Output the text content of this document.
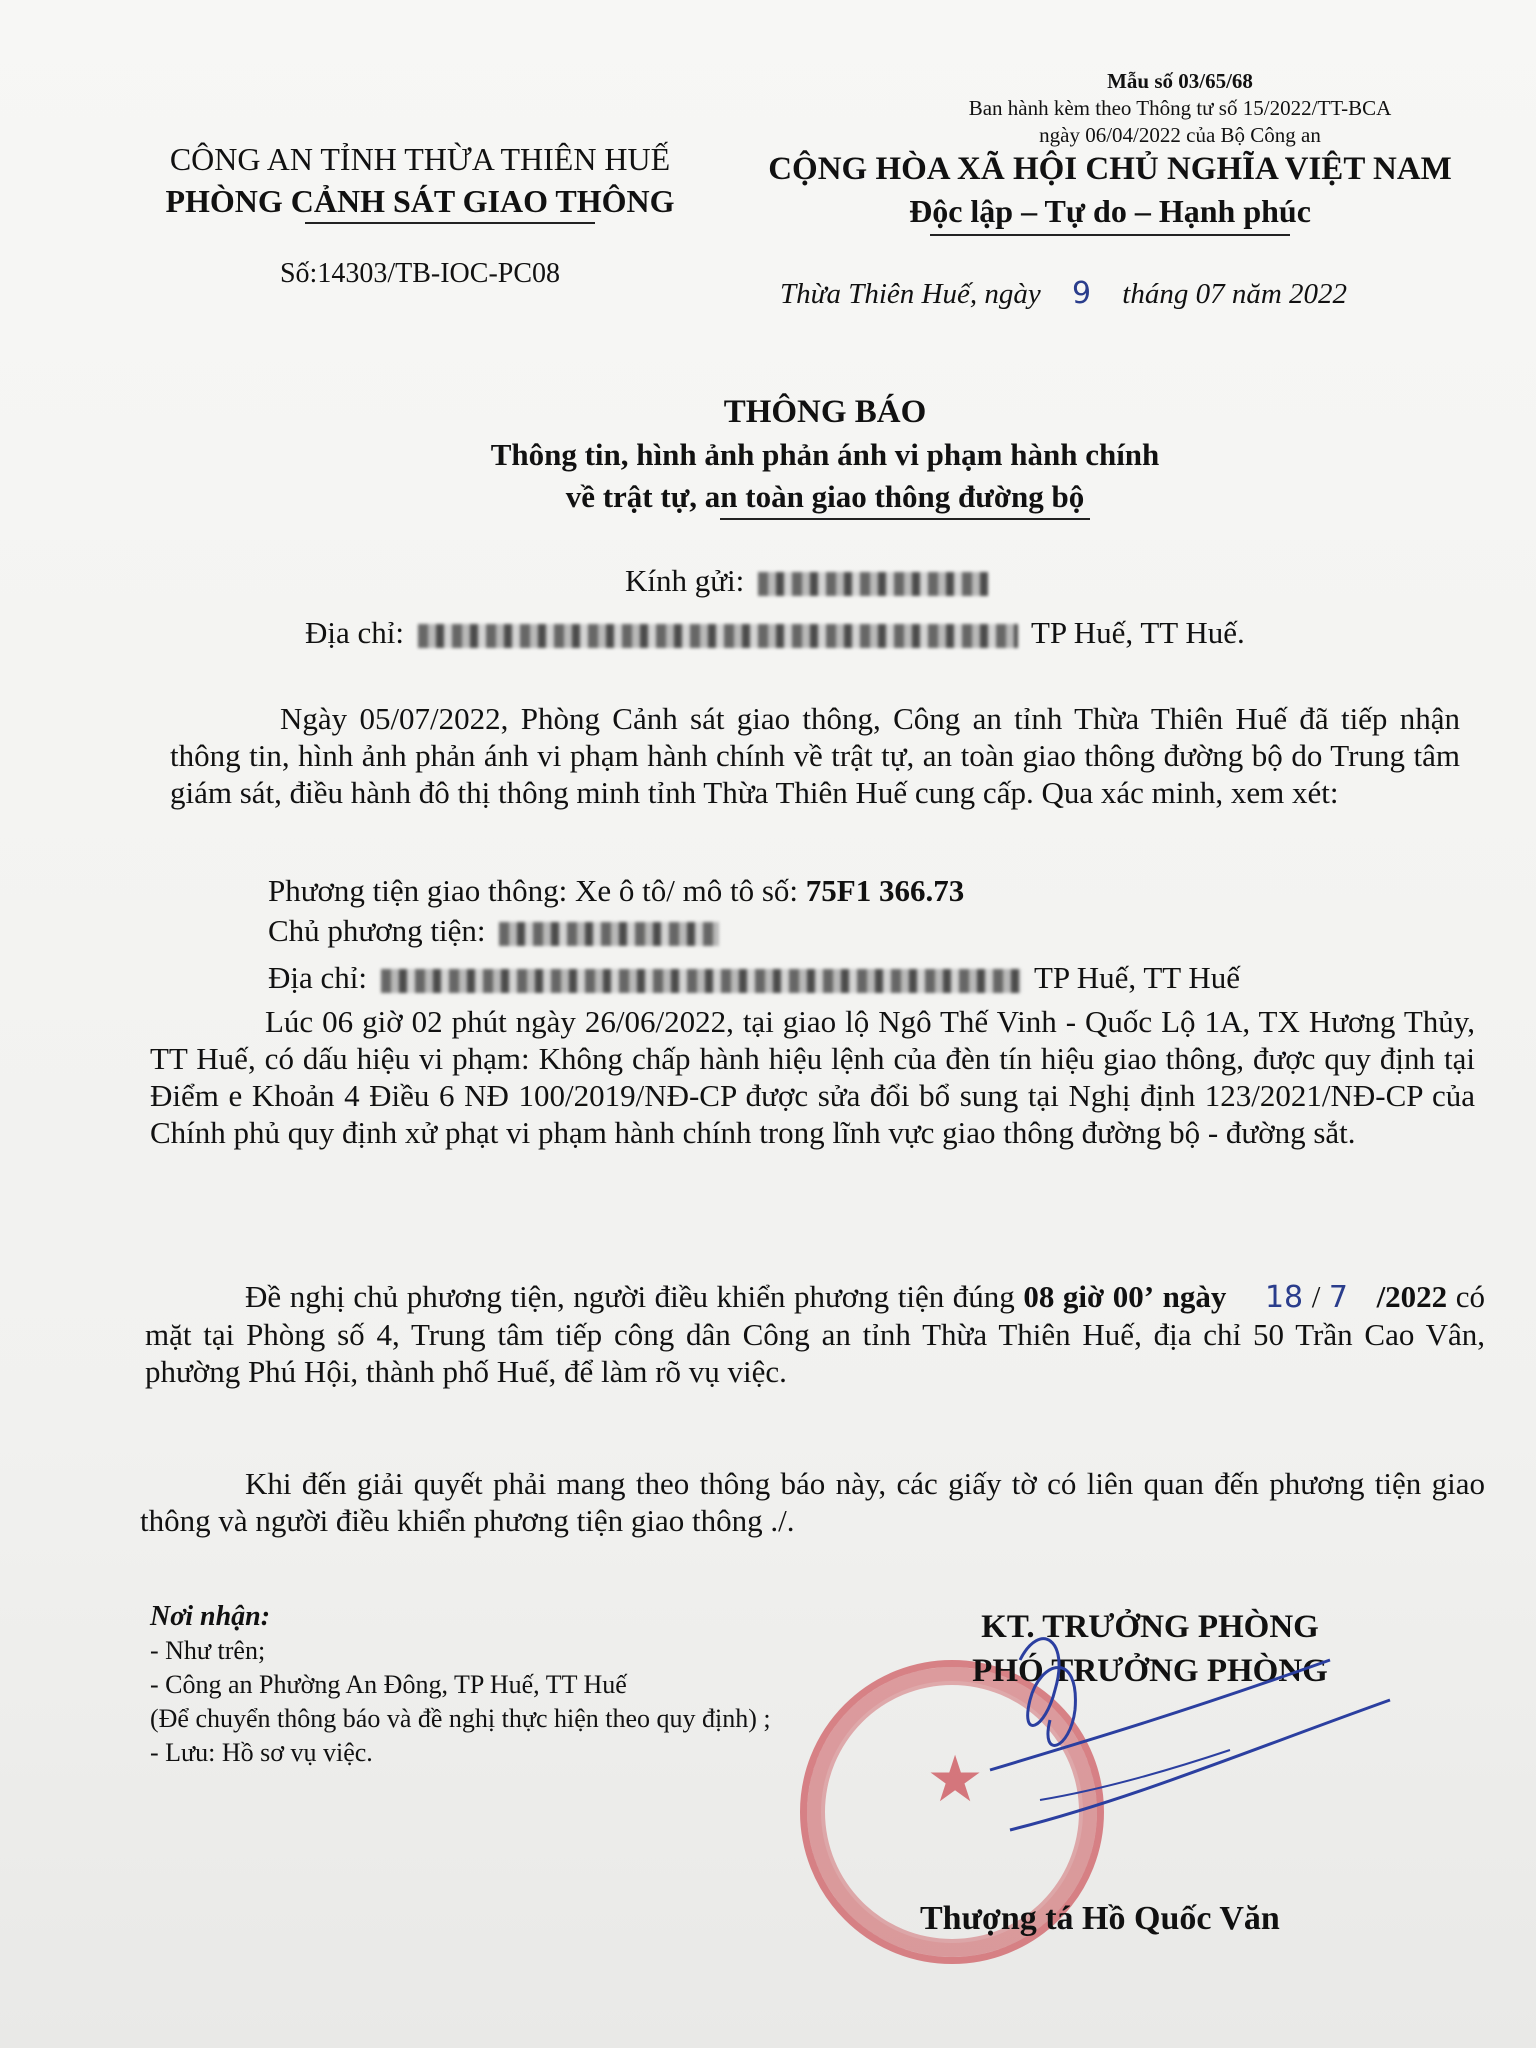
Mẫu số 03/65/68
Ban hành kèm theo Thông tư số 15/2022/TT-BCA
ngày 06/04/2022 của Bộ Công an
CÔNG AN TỈNH THỪA THIÊN HUẾ
PHÒNG CẢNH SÁT GIAO THÔNG
Số:14303/TB-IOC-PC08
CỘNG HÒA XÃ HỘI CHỦ NGHĨA VIỆT NAM
Độc lập – Tự do – Hạnh phúc
Thừa Thiên Huế, ngày 9 tháng 07 năm 2022
THÔNG BÁO
Thông tin, hình ảnh phản ánh vi phạm hành chính
về trật tự, an toàn giao thông đường bộ
Kính gửi:
Địa chỉ:	TP Huế, TT Huế.

Ngày 05/07/2022, Phòng Cảnh sát giao thông, Công an tỉnh Thừa Thiên Huế đã tiếp nhận thông tin, hình ảnh phản ánh vi phạm hành chính về trật tự, an toàn giao thông đường bộ do Trung tâm giám sát, điều hành đô thị thông minh tỉnh Thừa Thiên Huế cung cấp. Qua xác minh, xem xét:

Phương tiện giao thông: Xe ô tô/ mô tô số: 75F1 366.73
Chủ phương tiện:
Địa chỉ:	TP Huế, TT Huế

Lúc 06 giờ 02 phút ngày 26/06/2022, tại giao lộ Ngô Thế Vinh - Quốc Lộ 1A, TX Hương Thủy, TT Huế, có dấu hiệu vi phạm: Không chấp hành hiệu lệnh của đèn tín hiệu giao thông, được quy định tại Điểm e Khoản 4 Điều 6 NĐ 100/2019/NĐ-CP được sửa đổi bổ sung tại Nghị định 123/2021/NĐ-CP của Chính phủ quy định xử phạt vi phạm hành chính trong lĩnh vực giao thông đường bộ - đường sắt.

Đề nghị chủ phương tiện, người điều khiển phương tiện đúng 08 giờ 00’ ngày 18 / 7 /2022 có mặt tại Phòng số 4, Trung tâm tiếp công dân Công an tỉnh Thừa Thiên Huế, địa chỉ 50 Trần Cao Vân, phường Phú Hội, thành phố Huế, để làm rõ vụ việc.

Khi đến giải quyết phải mang theo thông báo này, các giấy tờ có liên quan đến phương tiện giao thông và người điều khiển phương tiện giao thông ./.

Nơi nhận:
- Như trên;
- Công an Phường An Đông, TP Huế, TT Huế
(Để chuyển thông báo và đề nghị thực hiện theo quy định) ;
- Lưu: Hồ sơ vụ việc.	★
KT. TRƯỞNG PHÒNG
PHÓ TRƯỞNG PHÒNG
Thượng tá Hồ Quốc Văn
